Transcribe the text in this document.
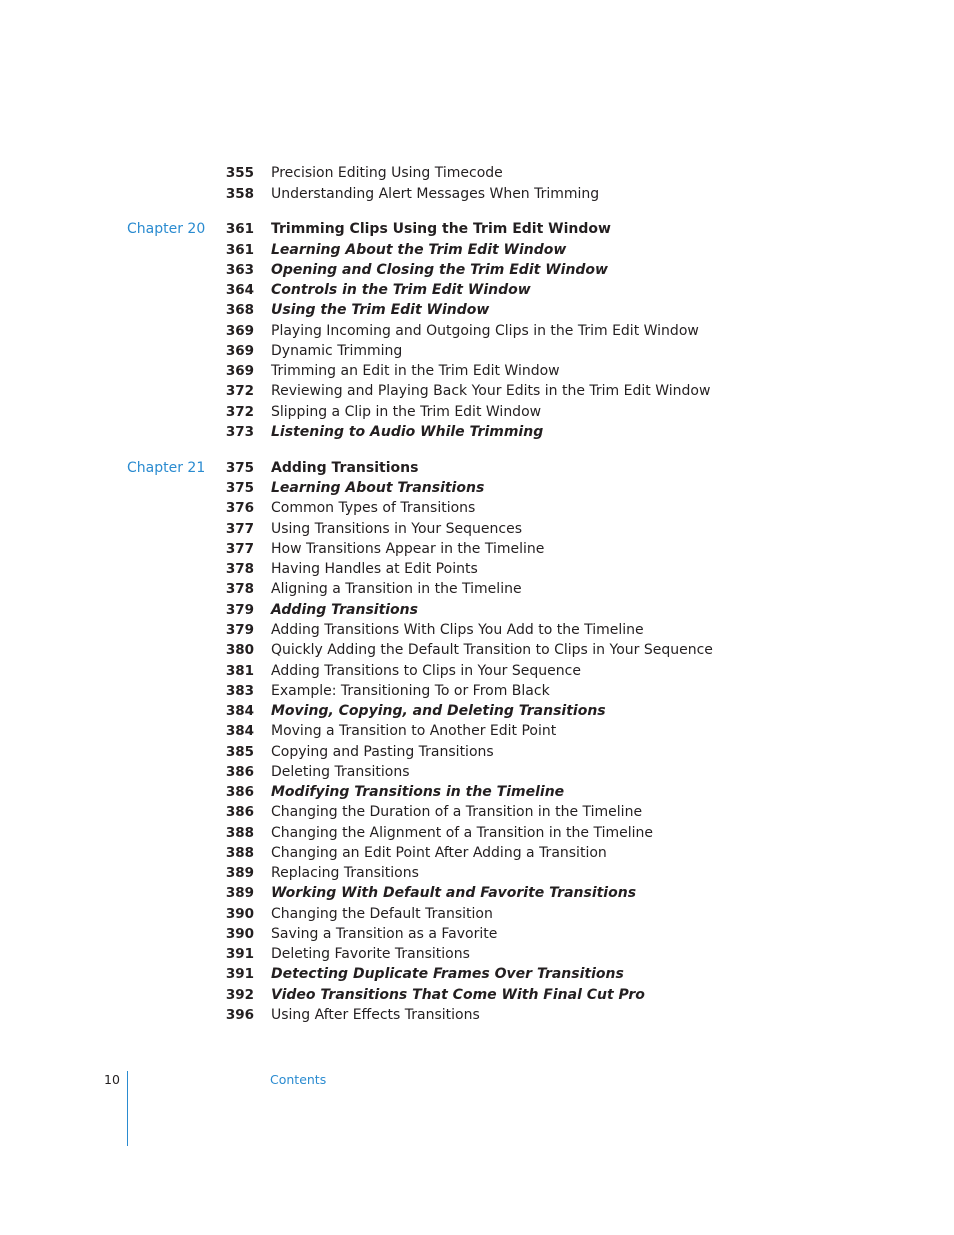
355 Precision Editing Using Timecode
358 Understanding Alert Messages When Trimming
Chapter 20	361 Trimming Clips Using the Trim Edit Window
361 Learning About the Trim Edit Window
363 Opening and Closing the Trim Edit Window
364 Controls in the Trim Edit Window
368 Using the Trim Edit Window
369 Playing Incoming and Outgoing Clips in the Trim Edit Window
369 Dynamic Trimming
369 Trimming an Edit in the Trim Edit Window
372 Reviewing and Playing Back Your Edits in the Trim Edit Window
372 Slipping a Clip in the Trim Edit Window
373 Listening to Audio While Trimming
Chapter 21	375 Adding Transitions
375 Learning About Transitions
376 Common Types of Transitions
377 Using Transitions in Your Sequences
377 How Transitions Appear in the Timeline
378 Having Handles at Edit Points
378 Aligning a Transition in the Timeline
379 Adding Transitions
379 Adding Transitions With Clips You Add to the Timeline
380 Quickly Adding the Default Transition to Clips in Your Sequence
381 Adding Transitions to Clips in Your Sequence
383 Example: Transitioning To or From Black
384 Moving, Copying, and Deleting Transitions
384 Moving a Transition to Another Edit Point
385 Copying and Pasting Transitions
386 Deleting Transitions
386 Modifying Transitions in the Timeline
386 Changing the Duration of a Transition in the Timeline
388 Changing the Alignment of a Transition in the Timeline
388 Changing an Edit Point After Adding a Transition
389 Replacing Transitions
389 Working With Default and Favorite Transitions
390 Changing the Default Transition
390 Saving a Transition as a Favorite
391 Deleting Favorite Transitions
391 Detecting Duplicate Frames Over Transitions
392 Video Transitions That Come With Final Cut Pro
396 Using After Effects Transitions
10	Contents
